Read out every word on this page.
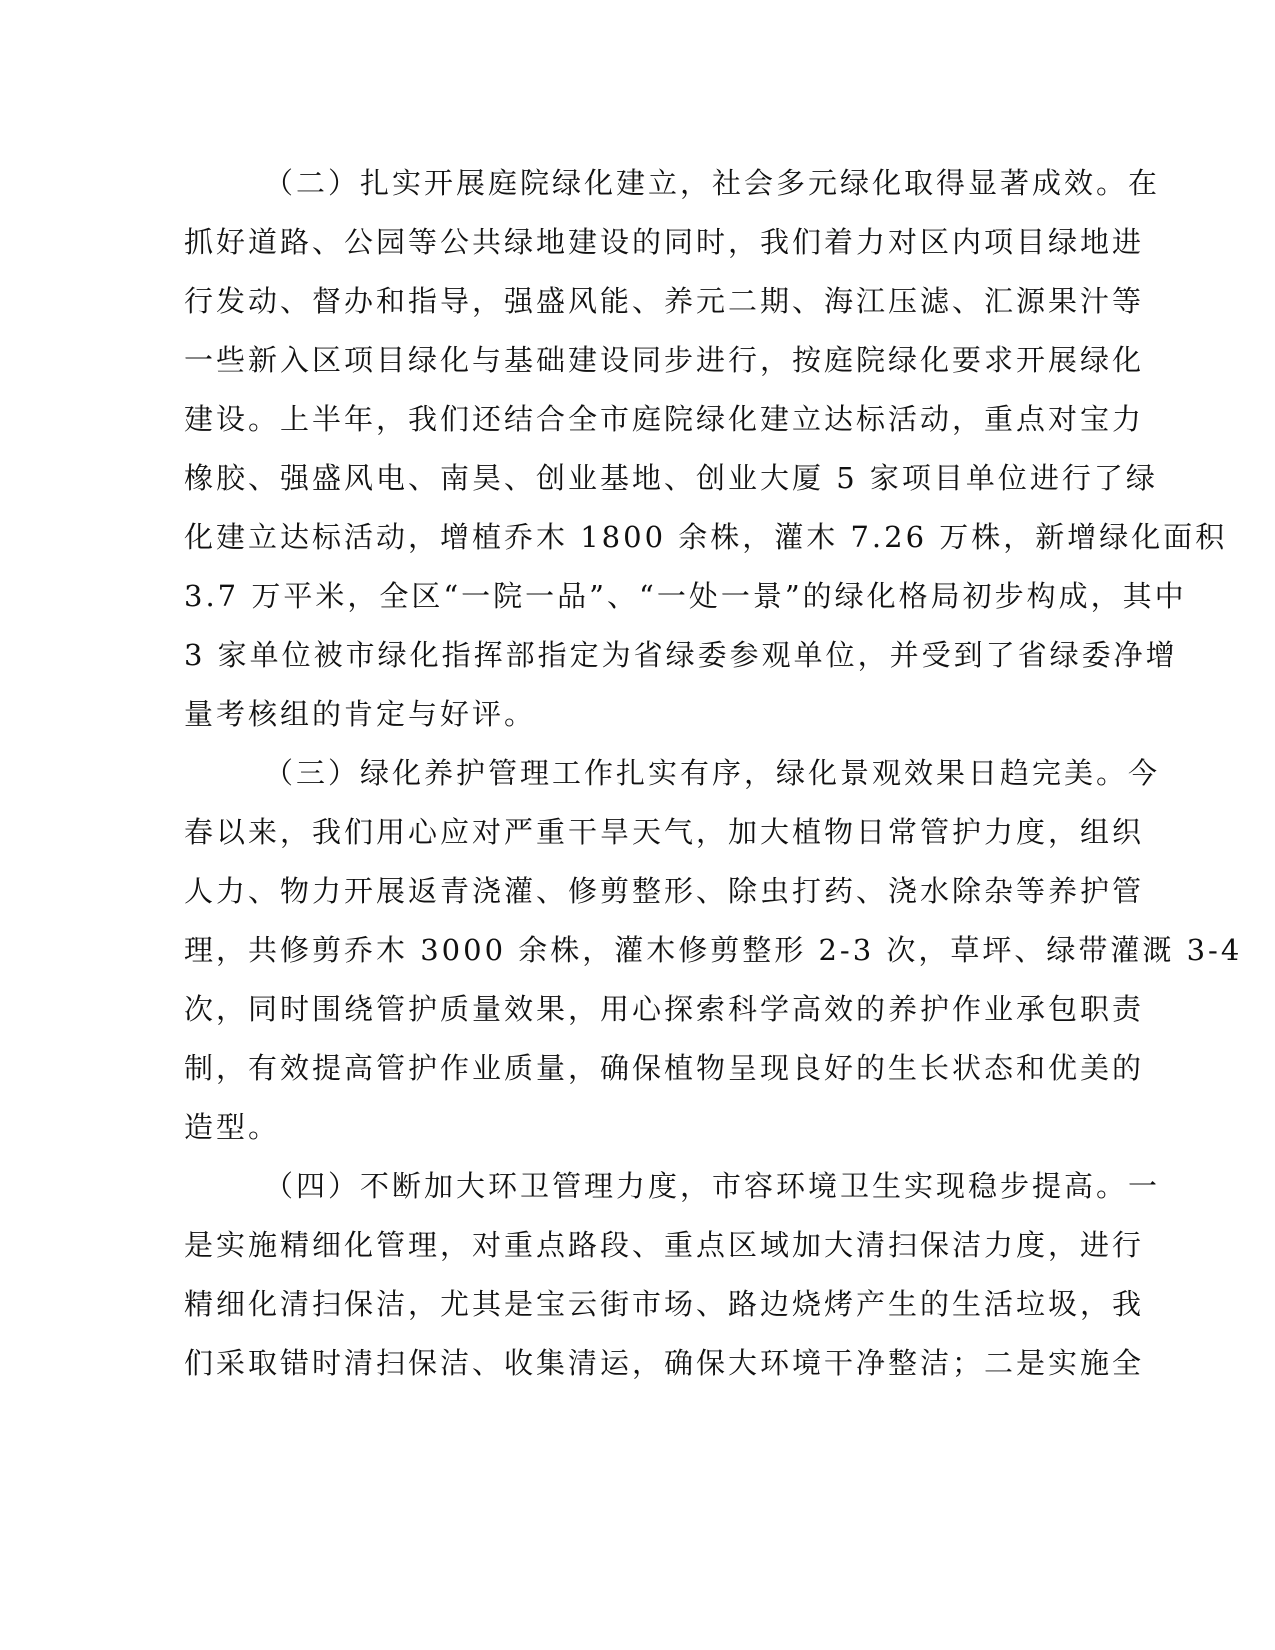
（二）扎实开展庭院绿化建立，社会多元绿化取得显著成效。在
抓好道路、公园等公共绿地建设的同时，我们着力对区内项目绿地进
行发动、督办和指导，强盛风能、养元二期、海江压滤、汇源果汁等
一些新入区项目绿化与基础建设同步进行，按庭院绿化要求开展绿化
建设。上半年，我们还结合全市庭院绿化建立达标活动，重点对宝力
橡胶、强盛风电、南昊、创业基地、创业大厦 5 家项目单位进行了绿
化建立达标活动，增植乔木 1800 余株，灌木 7.26 万株，新增绿化面积
3.7 万平米，全区“一院一品”、“一处一景”的绿化格局初步构成，其中
3 家单位被市绿化指挥部指定为省绿委参观单位，并受到了省绿委净增
量考核组的肯定与好评。
（三）绿化养护管理工作扎实有序，绿化景观效果日趋完美。今
春以来，我们用心应对严重干旱天气，加大植物日常管护力度，组织
人力、物力开展返青浇灌、修剪整形、除虫打药、浇水除杂等养护管
理，共修剪乔木 3000 余株，灌木修剪整形 2-3 次，草坪、绿带灌溉 3-4
次，同时围绕管护质量效果，用心探索科学高效的养护作业承包职责
制，有效提高管护作业质量，确保植物呈现良好的生长状态和优美的
造型。
（四）不断加大环卫管理力度，市容环境卫生实现稳步提高。一
是实施精细化管理，对重点路段、重点区域加大清扫保洁力度，进行
精细化清扫保洁，尤其是宝云街市场、路边烧烤产生的生活垃圾，我
们采取错时清扫保洁、收集清运，确保大环境干净整洁；二是实施全
